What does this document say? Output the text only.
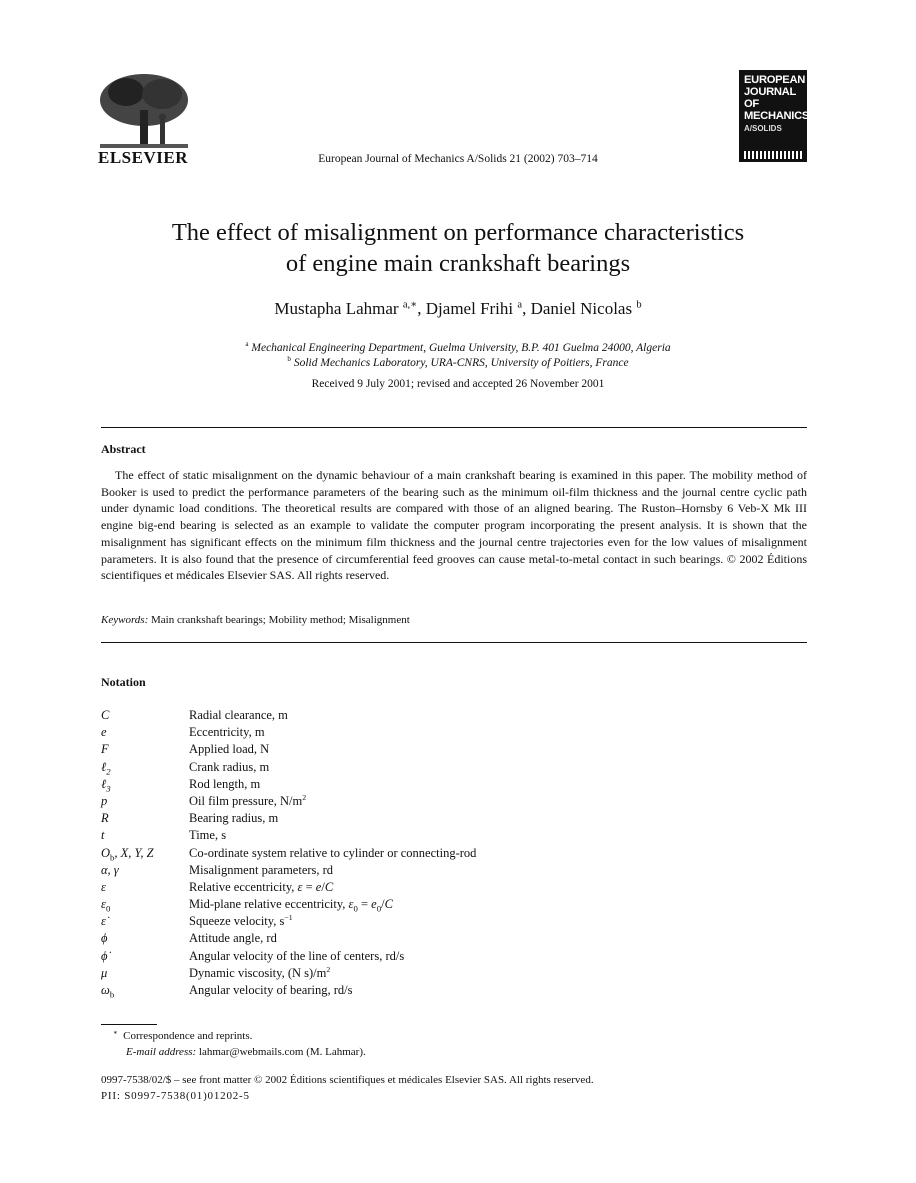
ELSEVIER	European Journal of Mechanics A/Solids 21 (2002) 703–714
EUROPEAN JOURNAL OF MECHANICS
A/SOLIDS
The effect of misalignment on performance characteristics
of engine main crankshaft bearings
Mustapha Lahmar $^{a,∗}$, Djamel Frihi $^a$, Daniel Nicolas $^b$
$^a$ Mechanical Engineering Department, Guelma University, B.P. 401 Guelma 24000, Algeria
$^b$ Solid Mechanics Laboratory, URA-CNRS, University of Poitiers, France
Received 9 July 2001; revised and accepted 26 November 2001
Abstract
The effect of static misalignment on the dynamic behaviour of a main crankshaft bearing is examined in this paper. The mobility method of Booker is used to predict the performance parameters of the bearing such as the minimum oil-film thickness and the journal centre cyclic path under dynamic load conditions. The theoretical results are compared with those of an aligned bearing. The Ruston–Hornsby 6 Veb-X Mk III engine big-end bearing is selected as an example to validate the computer program incorporating the present analysis. It is shown that the misalignment has significant effects on the minimum film thickness and the journal centre trajectories even for the low values of misalignment parameters. It is also found that the presence of circumferential feed grooves can cause metal-to-metal contact in such bearings. © 2002 Éditions scientifiques et médicales Elsevier SAS. All rights reserved.
Keywords: Main crankshaft bearings; Mobility method; Misalignment
Notation
C	Radial clearance, m
e	Eccentricity, m
F	Applied load, N
ℓ$_2$	Crank radius, m
ℓ$_3$	Rod length, m
p	Oil film pressure, $N/m^2$
R	Bearing radius, m
t	Time, s
$O_b$, X, Y, Z	Co-ordinate system relative to cylinder or connecting-rod
α, γ	Misalignment parameters, rd
ε	Relative eccentricity, ε = e/C
$\varepsilon_0$	Mid-plane relative eccentricity, $\varepsilon_0 = e_0/C$
ε̇	Squeeze velocity, $s^{-1}$
ϕ	Attitude angle, rd
ϕ̇	Angular velocity of the line of centers, rd/s
μ	Dynamic viscosity, (N $s)/m^2$
$\omega_b$	Angular velocity of bearing, rd/s
∗ Correspondence and reprints.
E-mail address: lahmar@webmails.com (M. Lahmar).
0997-7538/02/$ – see front matter © 2002 Éditions scientifiques et médicales Elsevier SAS. All rights reserved.
PII: S0997-7538(01)01202-5
